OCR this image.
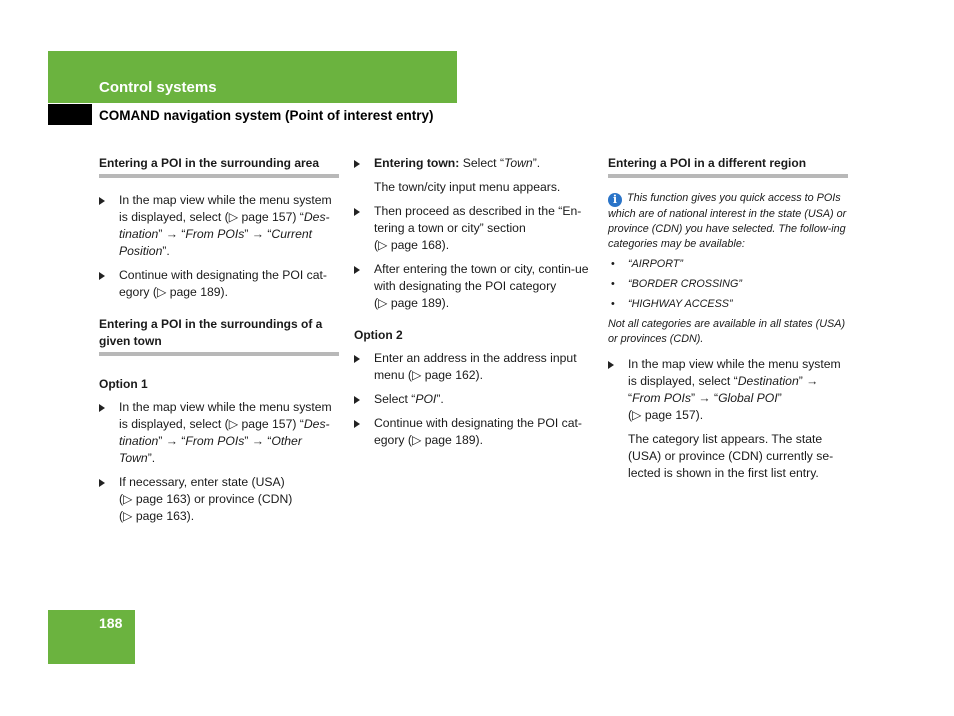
Control systems
COMAND navigation system (Point of interest entry)
Entering a POI in the surrounding area
In the map view while the menu system is displayed, select (▷ page 157) “Des-tination” → “From POIs” → “Current Position”.
Continue with designating the POI cat-egory (▷ page 189).
Entering a POI in the surroundings of a given town
Option 1
In the map view while the menu system is displayed, select (▷ page 157) “Des-tination” → “From POIs” → “Other Town”.
If necessary, enter state (USA)
(▷ page 163) or province (CDN)
(▷ page 163).
Entering town: Select “Town”.
The town/city input menu appears.
Then proceed as described in the “En-tering a town or city” section
(▷ page 168).
After entering the town or city, contin-ue with designating the POI category
(▷ page 189).
Option 2
Enter an address in the address input menu (▷ page 162).
Select “POI”.
Continue with designating the POI cat-egory (▷ page 189).
Entering a POI in a different region
i This function gives you quick access to POIs which are of national interest in the state (USA) or province (CDN) you have selected. The follow-ing categories may be available:
• “AIRPORT”
• “BORDER CROSSING”
• “HIGHWAY ACCESS”
Not all categories are available in all states (USA) or provinces (CDN).
In the map view while the menu system is displayed, select “Destination” → “From POIs” → “Global POI”
(▷ page 157).
The category list appears. The state (USA) or province (CDN) currently se-lected is shown in the first list entry.
188
